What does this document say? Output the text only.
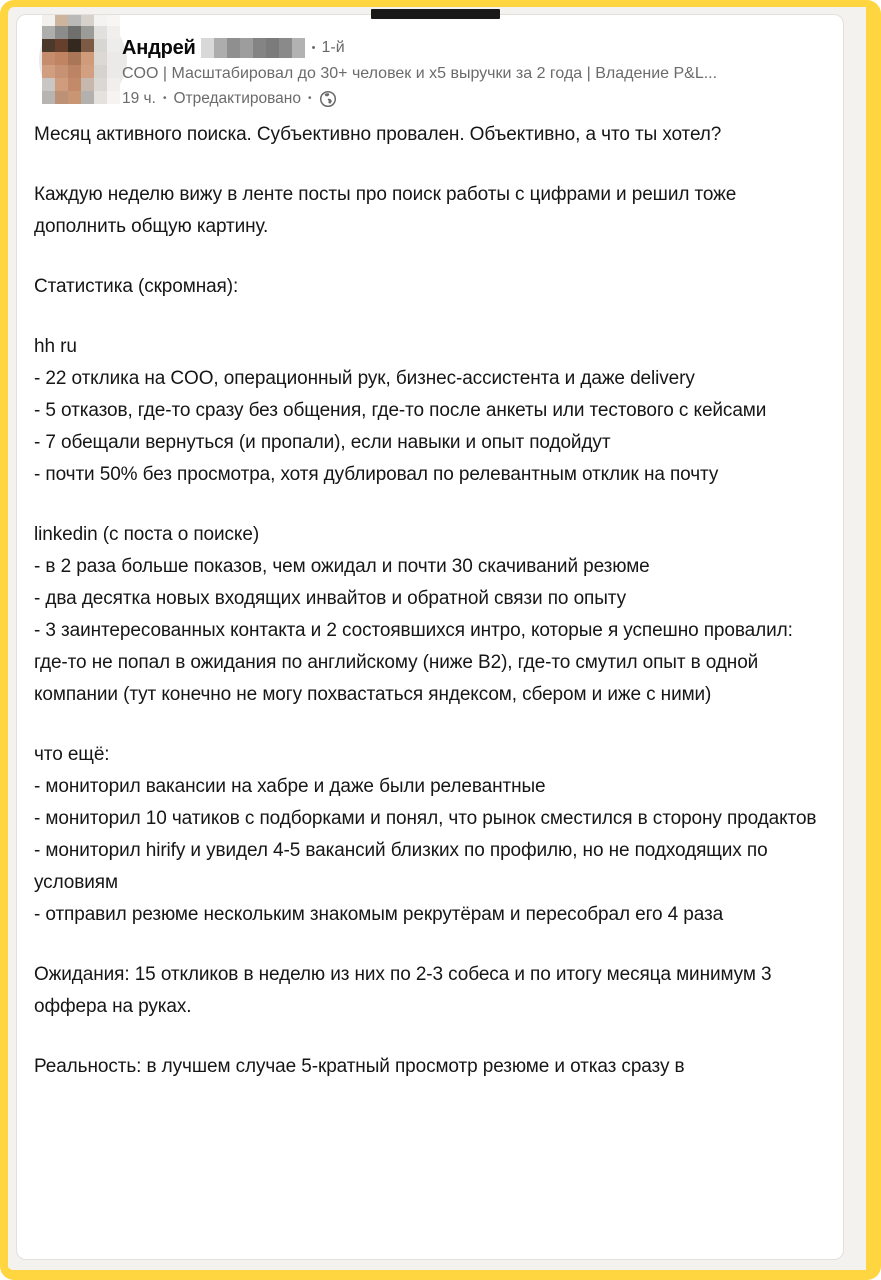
Андрей	• 1-й
COO | Масштабировал до 30+ человек и х5 выручки за 2 года | Владение P&L...
19 ч. • Отредактировано •

Месяц активного поиска. Субъективно провален. Объективно, а что ты хотел?

Каждую неделю вижу в ленте посты про поиск работы с цифрами и решил тоже дополнить общую картину.

Статистика (скромная):

hh ru
- 22 отклика на COO, операционный рук, бизнес-ассистента и даже delivery
- 5 отказов, где-то сразу без общения, где-то после анкеты или тестового с кейсами
- 7 обещали вернуться (и пропали), если навыки и опыт подойдут
- почти 50% без просмотра, хотя дублировал по релевантным отклик на почту

linkedin (с поста о поиске)
- в 2 раза больше показов, чем ожидал и почти 30 скачиваний резюме
- два десятка новых входящих инвайтов и обратной связи по опыту
- 3 заинтересованных контакта и 2 состоявшихся интро, которые я успешно провалил: где-то не попал в ожидания по английскому (ниже B2), где-то смутил опыт в одной компании (тут конечно не могу похвастаться яндексом, сбером и иже с ними)

что ещё:
- мониторил вакансии на хабре и даже были релевантные
- мониторил 10 чатиков с подборками и понял, что рынок сместился в сторону продактов
- мониторил hirify и увидел 4-5 вакансий близких по профилю, но не подходящих по условиям
- отправил резюме нескольким знакомым рекрутёрам и пересобрал его 4 раза

Ожидания: 15 откликов в неделю из них по 2-3 собеса и по итогу месяца минимум 3 оффера на руках.

Реальность: в лучшем случае 5-кратный просмотр резюме и отказ сразу в
